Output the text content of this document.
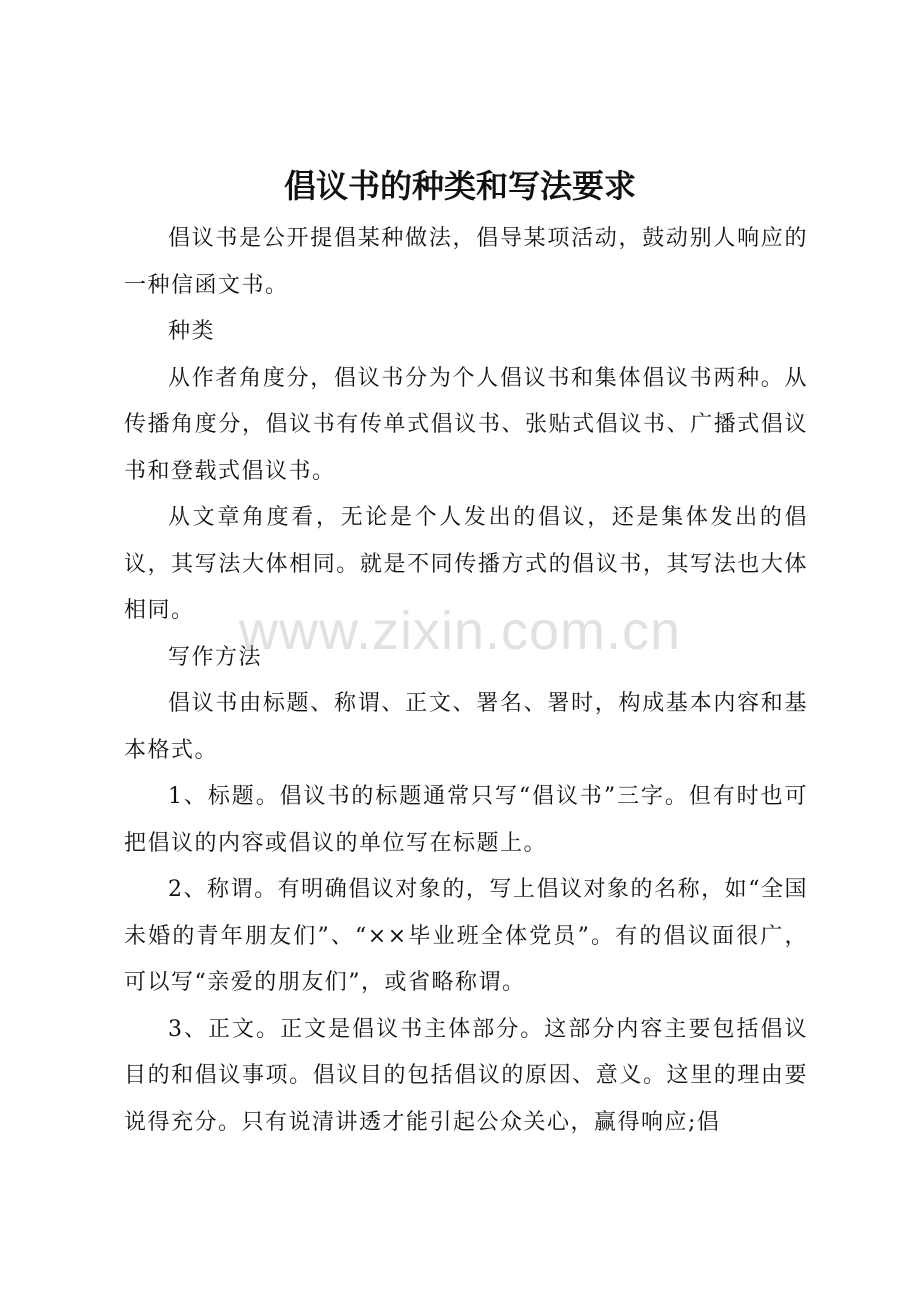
倡议书的种类和写法要求

倡议书是公开提倡某种做法，倡导某项活动，鼓动别人响应的一种信函文书。

种类

从作者角度分，倡议书分为个人倡议书和集体倡议书两种。从传播角度分，倡议书有传单式倡议书、张贴式倡议书、广播式倡议书和登载式倡议书。

从文章角度看，无论是个人发出的倡议，还是集体发出的倡议，其写法大体相同。就是不同传播方式的倡议书，其写法也大体相同。

写作方法

倡议书由标题、称谓、正文、署名、署时，构成基本内容和基本格式。

1、标题。倡议书的标题通常只写“倡议书”三字。但有时也可把倡议的内容或倡议的单位写在标题上。

2、称谓。有明确倡议对象的，写上倡议对象的名称，如“全国未婚的青年朋友们”、“××毕业班全体党员”。有的倡议面很广，可以写“亲爱的朋友们”，或省略称谓。

3、正文。正文是倡议书主体部分。这部分内容主要包括倡议目的和倡议事项。倡议目的包括倡议的原因、意义。这里的理由要说得充分。只有说清讲透才能引起公众关心，赢得响应;倡

www.zixin.com.cn
